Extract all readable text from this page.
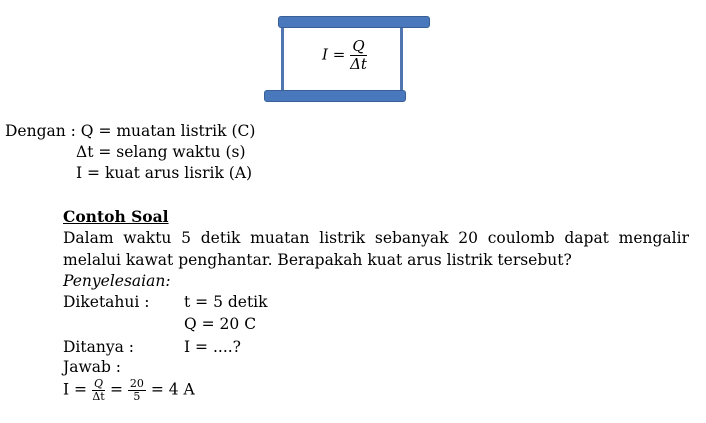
$I = \frac{Q}{\Delta t}$
Dengan : Q = muatan listrik (C)
Δt = selang waktu (s)
I = kuat arus lisrik (A)
Contoh Soal
Dalam waktu 5 detik muatan listrik sebanyak 20 coulomb dapat mengalir
melalui kawat penghantar. Berapakah kuat arus listrik tersebut?
Penyelesaian:
Diketahui : t = 5 detik
Q = 20 C
Ditanya :	I = ....?
Jawab :
$I = \frac{Q}{\Delta t} = \frac{20}{5} = 4$ A
